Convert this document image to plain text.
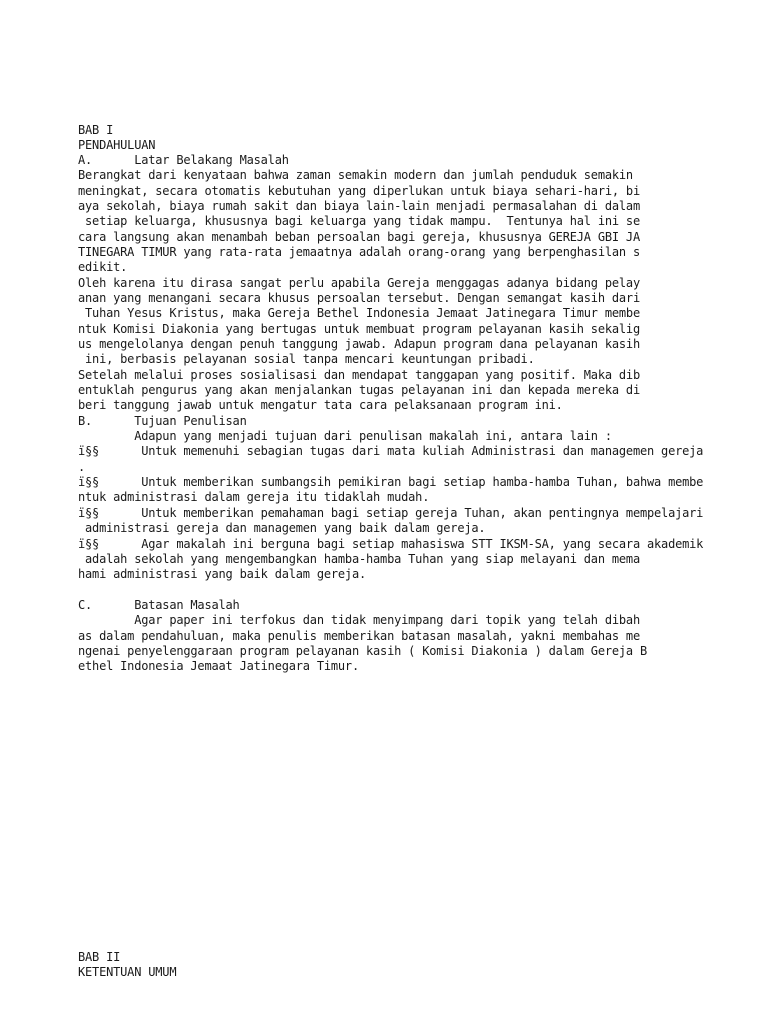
BAB I

PENDAHULUAN

A.      Latar Belakang Masalah

Berangkat dari kenyataan bahwa zaman semakin modern dan jumlah penduduk semakin

meningkat, secara otomatis kebutuhan yang diperlukan untuk biaya sehari-hari, bi

aya sekolah, biaya rumah sakit dan biaya lain-lain menjadi permasalahan di dalam

setiap keluarga, khususnya bagi keluarga yang tidak mampu.  Tentunya hal ini se

cara langsung akan menambah beban persoalan bagi gereja, khususnya GEREJA GBI JA

TINEGARA TIMUR yang rata-rata jemaatnya adalah orang-orang yang berpenghasilan s

edikit.

Oleh karena itu dirasa sangat perlu apabila Gereja menggagas adanya bidang pelay

anan yang menangani secara khusus persoalan tersebut. Dengan semangat kasih dari

Tuhan Yesus Kristus, maka Gereja Bethel Indonesia Jemaat Jatinegara Timur membe

ntuk Komisi Diakonia yang bertugas untuk membuat program pelayanan kasih sekalig

us mengelolanya dengan penuh tanggung jawab. Adapun program dana pelayanan kasih

ini, berbasis pelayanan sosial tanpa mencari keuntungan pribadi.

Setelah melalui proses sosialisasi dan mendapat tanggapan yang positif. Maka dib

entuklah pengurus yang akan menjalankan tugas pelayanan ini dan kepada mereka di

beri tanggung jawab untuk mengatur tata cara pelaksanaan program ini.

B.      Tujuan Penulisan

Adapun yang menjadi tujuan dari penulisan makalah ini, antara lain :

ï§§      Untuk memenuhi sebagian tugas dari mata kuliah Administrasi dan managemen gereja

.

ï§§      Untuk memberikan sumbangsih pemikiran bagi setiap hamba-hamba Tuhan, bahwa membe

ntuk administrasi dalam gereja itu tidaklah mudah.

ï§§      Untuk memberikan pemahaman bagi setiap gereja Tuhan, akan pentingnya mempelajari

administrasi gereja dan managemen yang baik dalam gereja.

ï§§      Agar makalah ini berguna bagi setiap mahasiswa STT IKSM-SA, yang secara akademik

adalah sekolah yang mengembangkan hamba-hamba Tuhan yang siap melayani dan mema

hami administrasi yang baik dalam gereja.

C.      Batasan Masalah

Agar paper ini terfokus dan tidak menyimpang dari topik yang telah dibah

as dalam pendahuluan, maka penulis memberikan batasan masalah, yakni membahas me

ngenai penyelenggaraan program pelayanan kasih ( Komisi Diakonia ) dalam Gereja B

ethel Indonesia Jemaat Jatinegara Timur.

BAB II

KETENTUAN UMUM
